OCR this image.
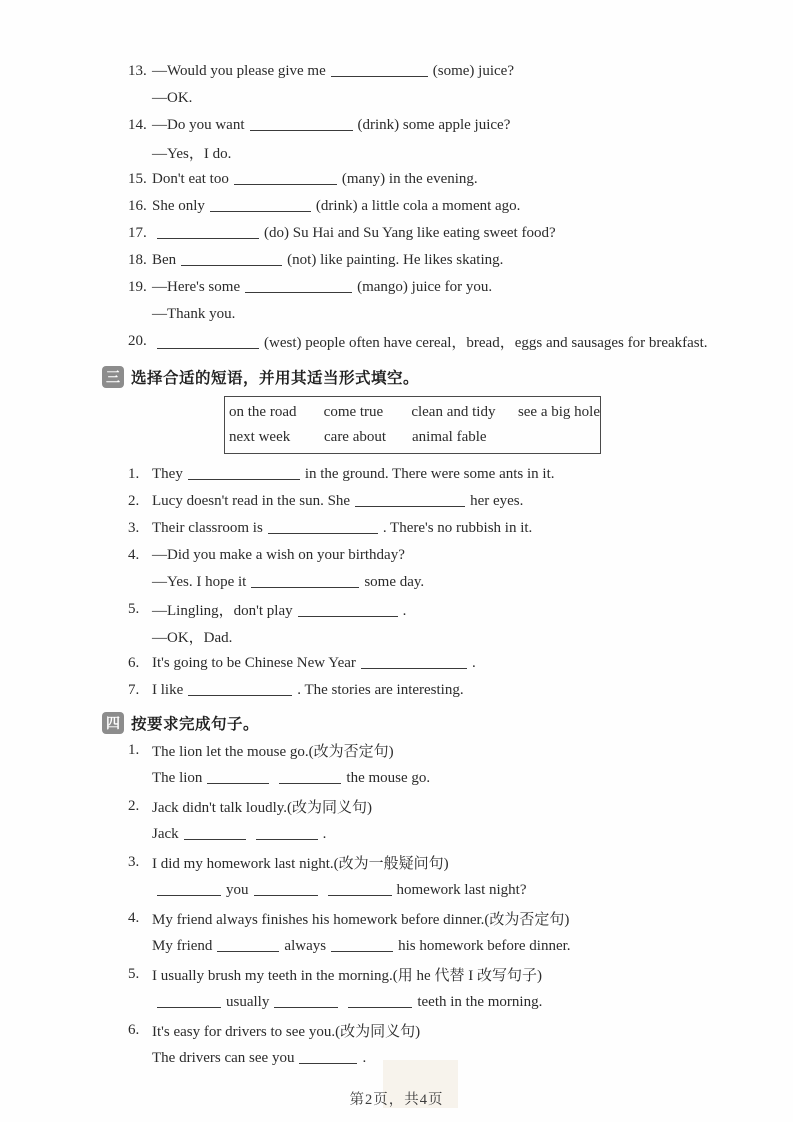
13. —Would you please give me	(some) juice?
—OK.
14. —Do you want	(drink) some apple juice?
—Yes，I do.
15. Don't eat too	(many) in the evening.
16. She only	(drink) a little cola a moment ago.
17.	(do) Su Hai and Su Yang like eating sweet food?
18. Ben	(not) like painting. He likes skating.
19. —Here's some	(mango) juice for you.
—Thank you.
20.	(west) people often have cereal，bread，eggs and sausages for breakfast.
三 选择合适的短语，并用其适当形式填空。
on the road	come true	clean and tidy	see a big hole
next week	care about	animal fable
1. They	in the ground. There were some ants in it.
2. Lucy doesn't read in the sun. She	her eyes.
3. Their classroom is	. There's no rubbish in it.
4. —Did you make a wish on your birthday?
—Yes. I hope it	some day.
5. —Lingling，don't play	.
—OK，Dad.
6. It's going to be Chinese New Year	.
7. I like	. The stories are interesting.
四 按要求完成句子。
1. The lion let the mouse go.(改为否定句)
The lion	the mouse go.
2. Jack didn't talk loudly.(改为同义句)
Jack	.
3. I did my homework last night.(改为一般疑问句)
you	homework last night?
4. My friend always finishes his homework before dinner.(改为否定句)
My friend	always	his homework before dinner.
5. I usually brush my teeth in the morning.(用 he 代替 I 改写句子)
usually	teeth in the morning.
6. It's easy for drivers to see you.(改为同义句)
The drivers can see you	.
第2页，共4页
